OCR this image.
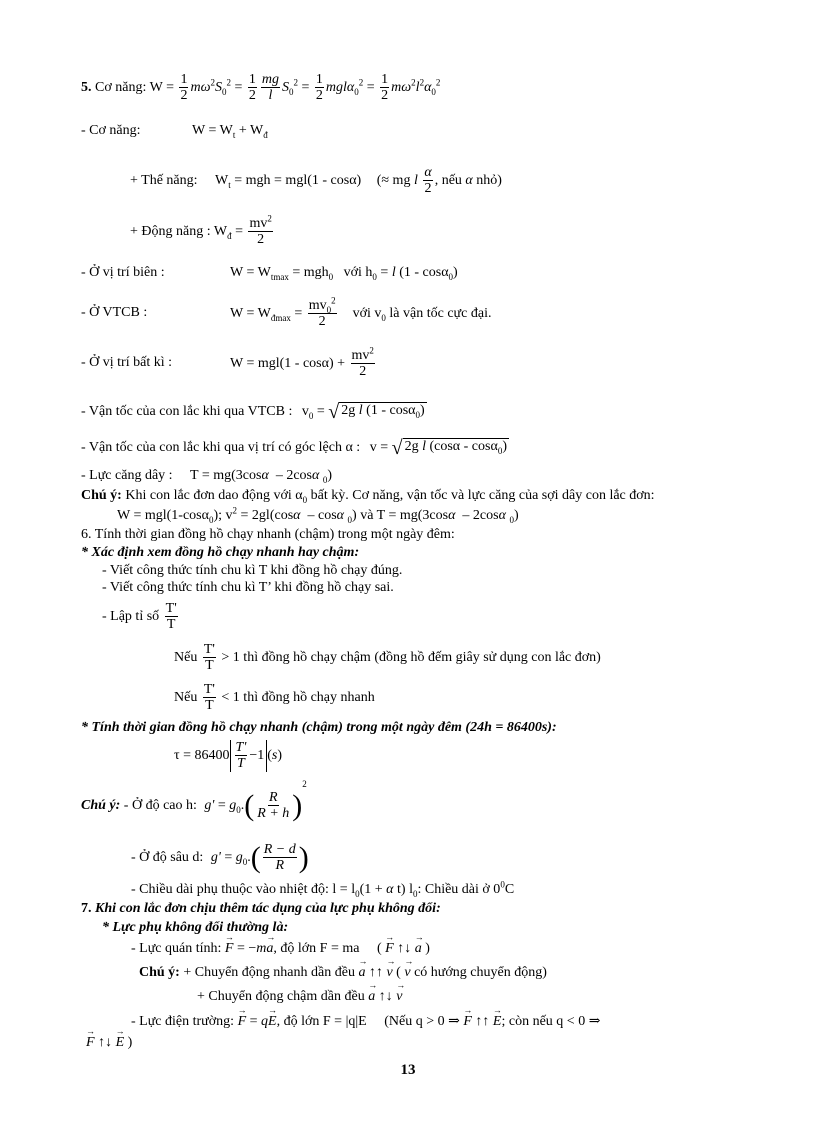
5. Cơ năng: $W = \frac{1}{2} m\omega^2S_0^2 = \frac{1}{2} \frac{mg}{l} S_0^2 = \frac{1}{2} mgl\alpha_0^2 = \frac{1}{2} m\omega^2l^2\alpha_0^2$
- Cơ năng:	$W = W_t + W_đ$
+ Thế năng: $W_t$ = mgh = mgl(1 - cosα) (≈ mg l $\frac{\alpha}{2}$ , nếu α nhỏ)
+ Động năng : $W_đ = \frac{mv^2}{2}$
- Ở vị trí biên :	$W = W_{tmax} = mgh_0$ với $h_0 = l$ (1 - cosα$_0$)
- Ở VTCB :	$W = W_{đmax} = \frac{mv_0^2}{2}$ với $v_0$ là vận tốc cực đại.
- Ở vị trí bất kì :	$W = mgl(1 - \cos\alpha) + \frac{mv^2}{2}$
- Vận tốc của con lắc khi qua VTCB : $v_0$ = √ 2g l (1 - cosα$_0$)
- Vận tốc của con lắc khi qua vị trí có góc lệch α : v = √ 2g l (cosα - cosα$_0$)
- Lực căng dây : T = mg(3cosα  – 2cosα $_0$)
Chú ý: Khi con lắc đơn dao động với $\alpha_0$ bất kỳ. Cơ năng, vận tốc và lực căng của sợi dây con lắc đơn:
W = mgl(1-cosα$_0$); $v^2 = 2gl(\cos\alpha - \cos\alpha$ $_0$) và T = mg(3cosα  – 2cosα $_0$)
6. Tính thời gian đồng hồ chạy nhanh (chậm) trong một ngày đêm:
* Xác định xem đồng hồ chạy nhanh hay chậm:
- Viết công thức tính chu kì T khi đồng hồ chạy đúng.
- Viết công thức tính chu kì T’ khi đồng hồ chạy sai.
- Lập tỉ số $\frac{T'}{T}$
Nếu $\frac{T'}{T} > 1$ thì đồng hồ chạy chậm (đồng hồ đếm giây sử dụng con lắc đơn)
Nếu $\frac{T'}{T} < 1$ thì đồng hồ chạy nhanh
* Tính thời gian đồng hồ chạy nhanh (chậm) trong một ngày đêm (24h = 86400s):
τ = 86400
T'
T
−1 (s)
Chú ý: - Ở độ cao h: $g' = g_0.( \frac{R}{R + h} )^2$
- Ở độ sâu d: $g' = g_0.( \frac{R - d}{R}$ )
- Chiều dài phụ thuộc vào nhiệt độ: $l = l_0(1 + \alpha$ t) $l_0$: Chiều dài ở $0^0C$
7. Khi con lắc đơn chịu thêm tác dụng của lực phụ không đổi:
* Lực phụ không đổi thường là:
- Lực quán tính: → F = −m→ a, độ lớn F = ma ( → F ↑↓ → a )
Chú ý: + Chuyển động nhanh dần đều → a ↑↑ → v ( → v có hướng chuyển động)
+ Chuyển động chậm dần đều → a ↑↓ → v
- Lực điện trường: → F = q→ E, độ lớn F = |q|E (Nếu q > 0 ⇒ → F ↑↑ → E; còn nếu q < 0 ⇒
→ F ↑↓ → E )
13
